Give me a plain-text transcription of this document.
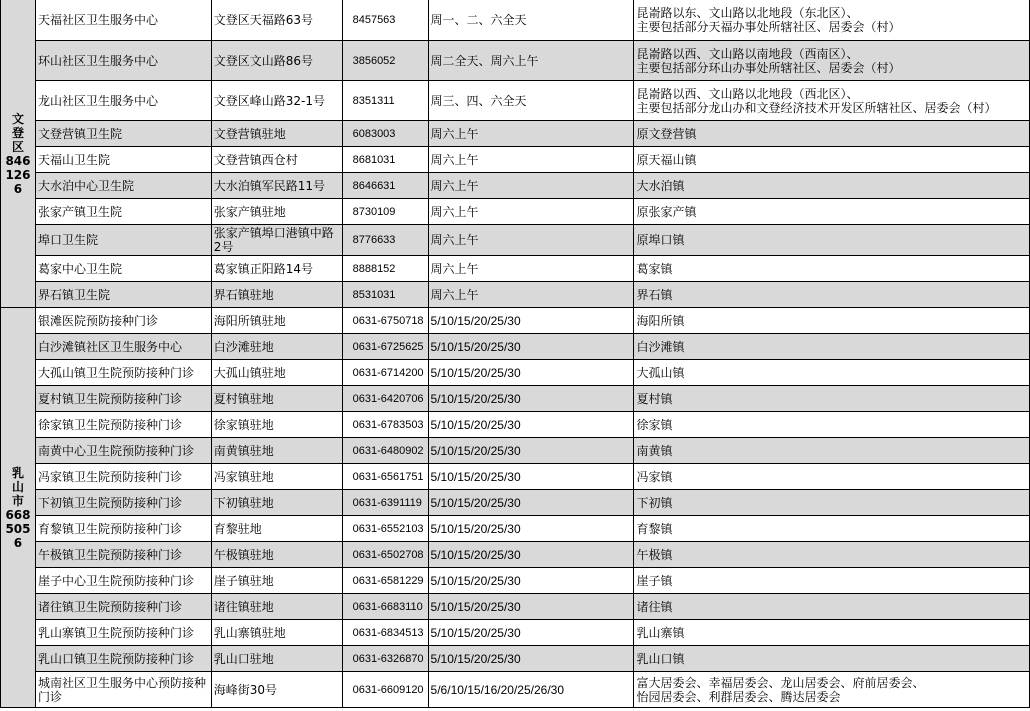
文登区
8461266	天福社区卫生服务中心	文登区天福路63号	8457563	周一、二、六全天	昆嵛路以东、文山路以北地段（东北区）、
主要包括部分天福办事处所辖社区、居委会（村）
	环山社区卫生服务中心	文登区文山路86号	3856052	周二全天、周六上午	昆嵛路以西、文山路以南地段（西南区）、
主要包括部分环山办事处所辖社区、居委会（村）
	龙山社区卫生服务中心	文登区峰山路32-1号	8351311	周三、四、六全天	昆嵛路以西、文山路以北地段（西北区）、
主要包括部分龙山办和文登经济技术开发区所辖社区、居委会（村）
	文登营镇卫生院	文登营镇驻地	6083003	周六上午	原文登营镇
	天福山卫生院	文登营镇西仓村	8681031	周六上午	原天福山镇
	大水泊中心卫生院	大水泊镇军民路11号	8646631	周六上午	大水泊镇
	张家产镇卫生院	张家产镇驻地	8730109	周六上午	原张家产镇
	埠口卫生院	张家产镇埠口港镇中路2号	8776633	周六上午	原埠口镇
	葛家中心卫生院	葛家镇正阳路14号	8888152	周六上午	葛家镇
	界石镇卫生院	界石镇驻地	8531031	周六上午	界石镇

乳山市
6685056	银滩医院预防接种门诊	海阳所镇驻地	0631-6750718	5/10/15/20/25/30	海阳所镇
	白沙滩镇社区卫生服务中心	白沙滩驻地	0631-6725625	5/10/15/20/25/30	白沙滩镇
	大孤山镇卫生院预防接种门诊	大孤山镇驻地	0631-6714200	5/10/15/20/25/30	大孤山镇
	夏村镇卫生院预防接种门诊	夏村镇驻地	0631-6420706	5/10/15/20/25/30	夏村镇
	徐家镇卫生院预防接种门诊	徐家镇驻地	0631-6783503	5/10/15/20/25/30	徐家镇
	南黄中心卫生院预防接种门诊	南黄镇驻地	0631-6480902	5/10/15/20/25/30	南黄镇
	冯家镇卫生院预防接种门诊	冯家镇驻地	0631-6561751	5/10/15/20/25/30	冯家镇
	下初镇卫生院预防接种门诊	下初镇驻地	0631-6391119	5/10/15/20/25/30	下初镇
	育黎镇卫生院预防接种门诊	育黎驻地	0631-6552103	5/10/15/20/25/30	育黎镇
	午极镇卫生院预防接种门诊	午极镇驻地	0631-6502708	5/10/15/20/25/30	午极镇
	崖子中心卫生院预防接种门诊	崖子镇驻地	0631-6581229	5/10/15/20/25/30	崖子镇
	诸往镇卫生院预防接种门诊	诸往镇驻地	0631-6683110	5/10/15/20/25/30	诸往镇
	乳山寨镇卫生院预防接种门诊	乳山寨镇驻地	0631-6834513	5/10/15/20/25/30	乳山寨镇
	乳山口镇卫生院预防接种门诊	乳山口驻地	0631-6326870	5/10/15/20/25/30	乳山口镇
	城南社区卫生服务中心预防接种门诊	海峰街30号	0631-6609120	5/6/10/15/16/20/25/26/30	富大居委会、幸福居委会、龙山居委会、府前居委会、
怡园居委会、利群居委会、腾达居委会
